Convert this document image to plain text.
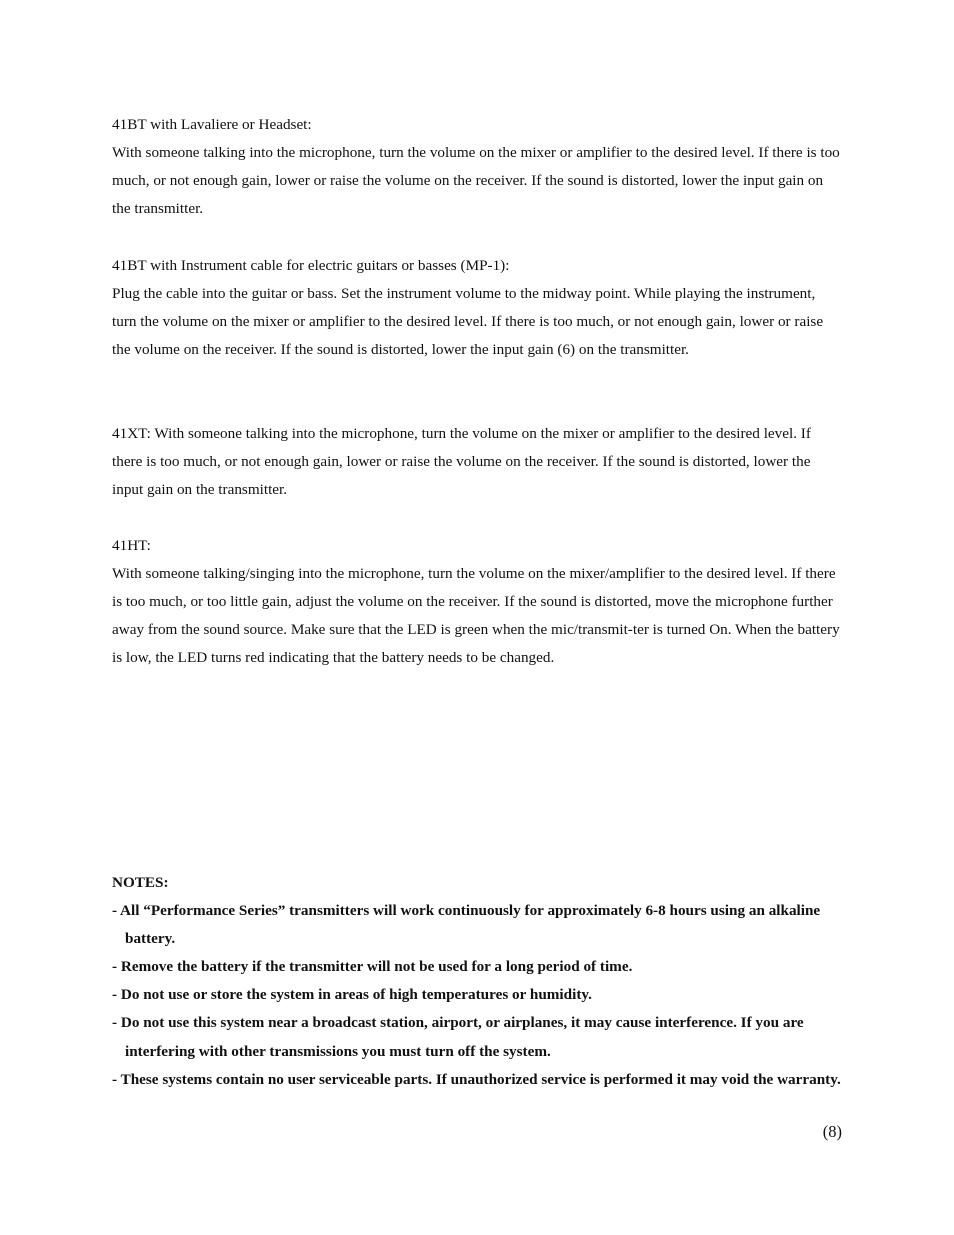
41BT with Lavaliere or Headset:

With someone talking into the microphone, turn the volume on the mixer or amplifier to the desired level. If there is too much, or not enough gain, lower or raise the volume on the receiver. If the sound is distorted, lower the input gain on the transmitter.

41BT with Instrument cable for electric guitars or basses (MP-1):

Plug the cable into the guitar or bass. Set the instrument volume to the midway point. While playing the instrument, turn the volume on the mixer or amplifier to the desired level. If there is too much, or not enough gain, lower or raise the volume on the receiver. If the sound is distorted, lower the input gain (6) on the transmitter.

41XT: With someone talking into the microphone, turn the volume on the mixer or amplifier to the desired level. If there is too much, or not enough gain, lower or raise the volume on the receiver. If the sound is distorted, lower the input gain on the transmitter.

41HT:

With someone talking/singing into the microphone, turn the volume on the mixer/amplifier to the desired level. If there is too much, or too little gain, adjust the volume on the receiver. If the sound is distorted, move the microphone further away from the sound source. Make sure that the LED is green when the mic/transmit-ter is turned On. When the battery is low, the LED turns red indicating that the battery needs to be changed.

NOTES:

- All “Performance Series” transmitters will work continuously for approximately 6-8 hours using an alkaline battery.

- Remove the battery if the transmitter will not be used for a long period of time.

- Do not use or store the system in areas of high temperatures or humidity.

- Do not use this system near a broadcast station, airport, or airplanes, it may cause interference. If you are interfering with other transmissions you must turn off the system.

- These systems contain no user serviceable parts. If unauthorized service is performed it may void the warranty.

(8)
